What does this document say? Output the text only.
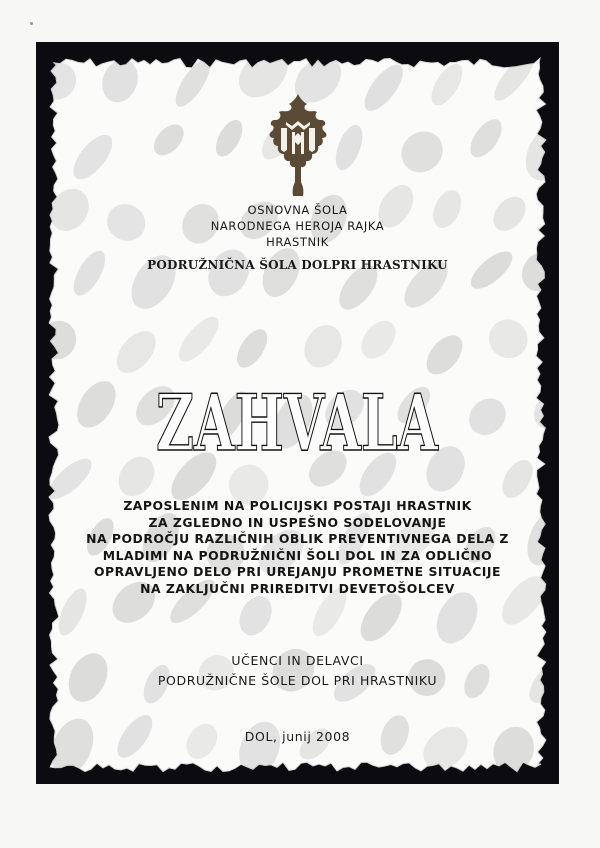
OSNOVNA ŠOLA
NARODNEGA HEROJA RAJKA
HRASTNIK
PODRUŽNIČNA ŠOLA DOLPRI HRASTNIKU
ZAHVALA
ZAPOSLENIM NA POLICIJSKI POSTAJI HRASTNIK
ZA ZGLEDNO IN USPEŠNO SODELOVANJE
NA PODROČJU RAZLIČNIH OBLIK PREVENTIVNEGA DELA Z
MLADIMI NA PODRUŽNIČNI ŠOLI DOL IN ZA ODLIČNO
OPRAVLJENO DELO PRI UREJANJU PROMETNE SITUACIJE
NA ZAKLJUČNI PRIREDITVI DEVETOŠOLCEV
UČENCI IN DELAVCI
PODRUŽNIČNE ŠOLE DOL PRI HRASTNIKU
DOL, junij 2008
